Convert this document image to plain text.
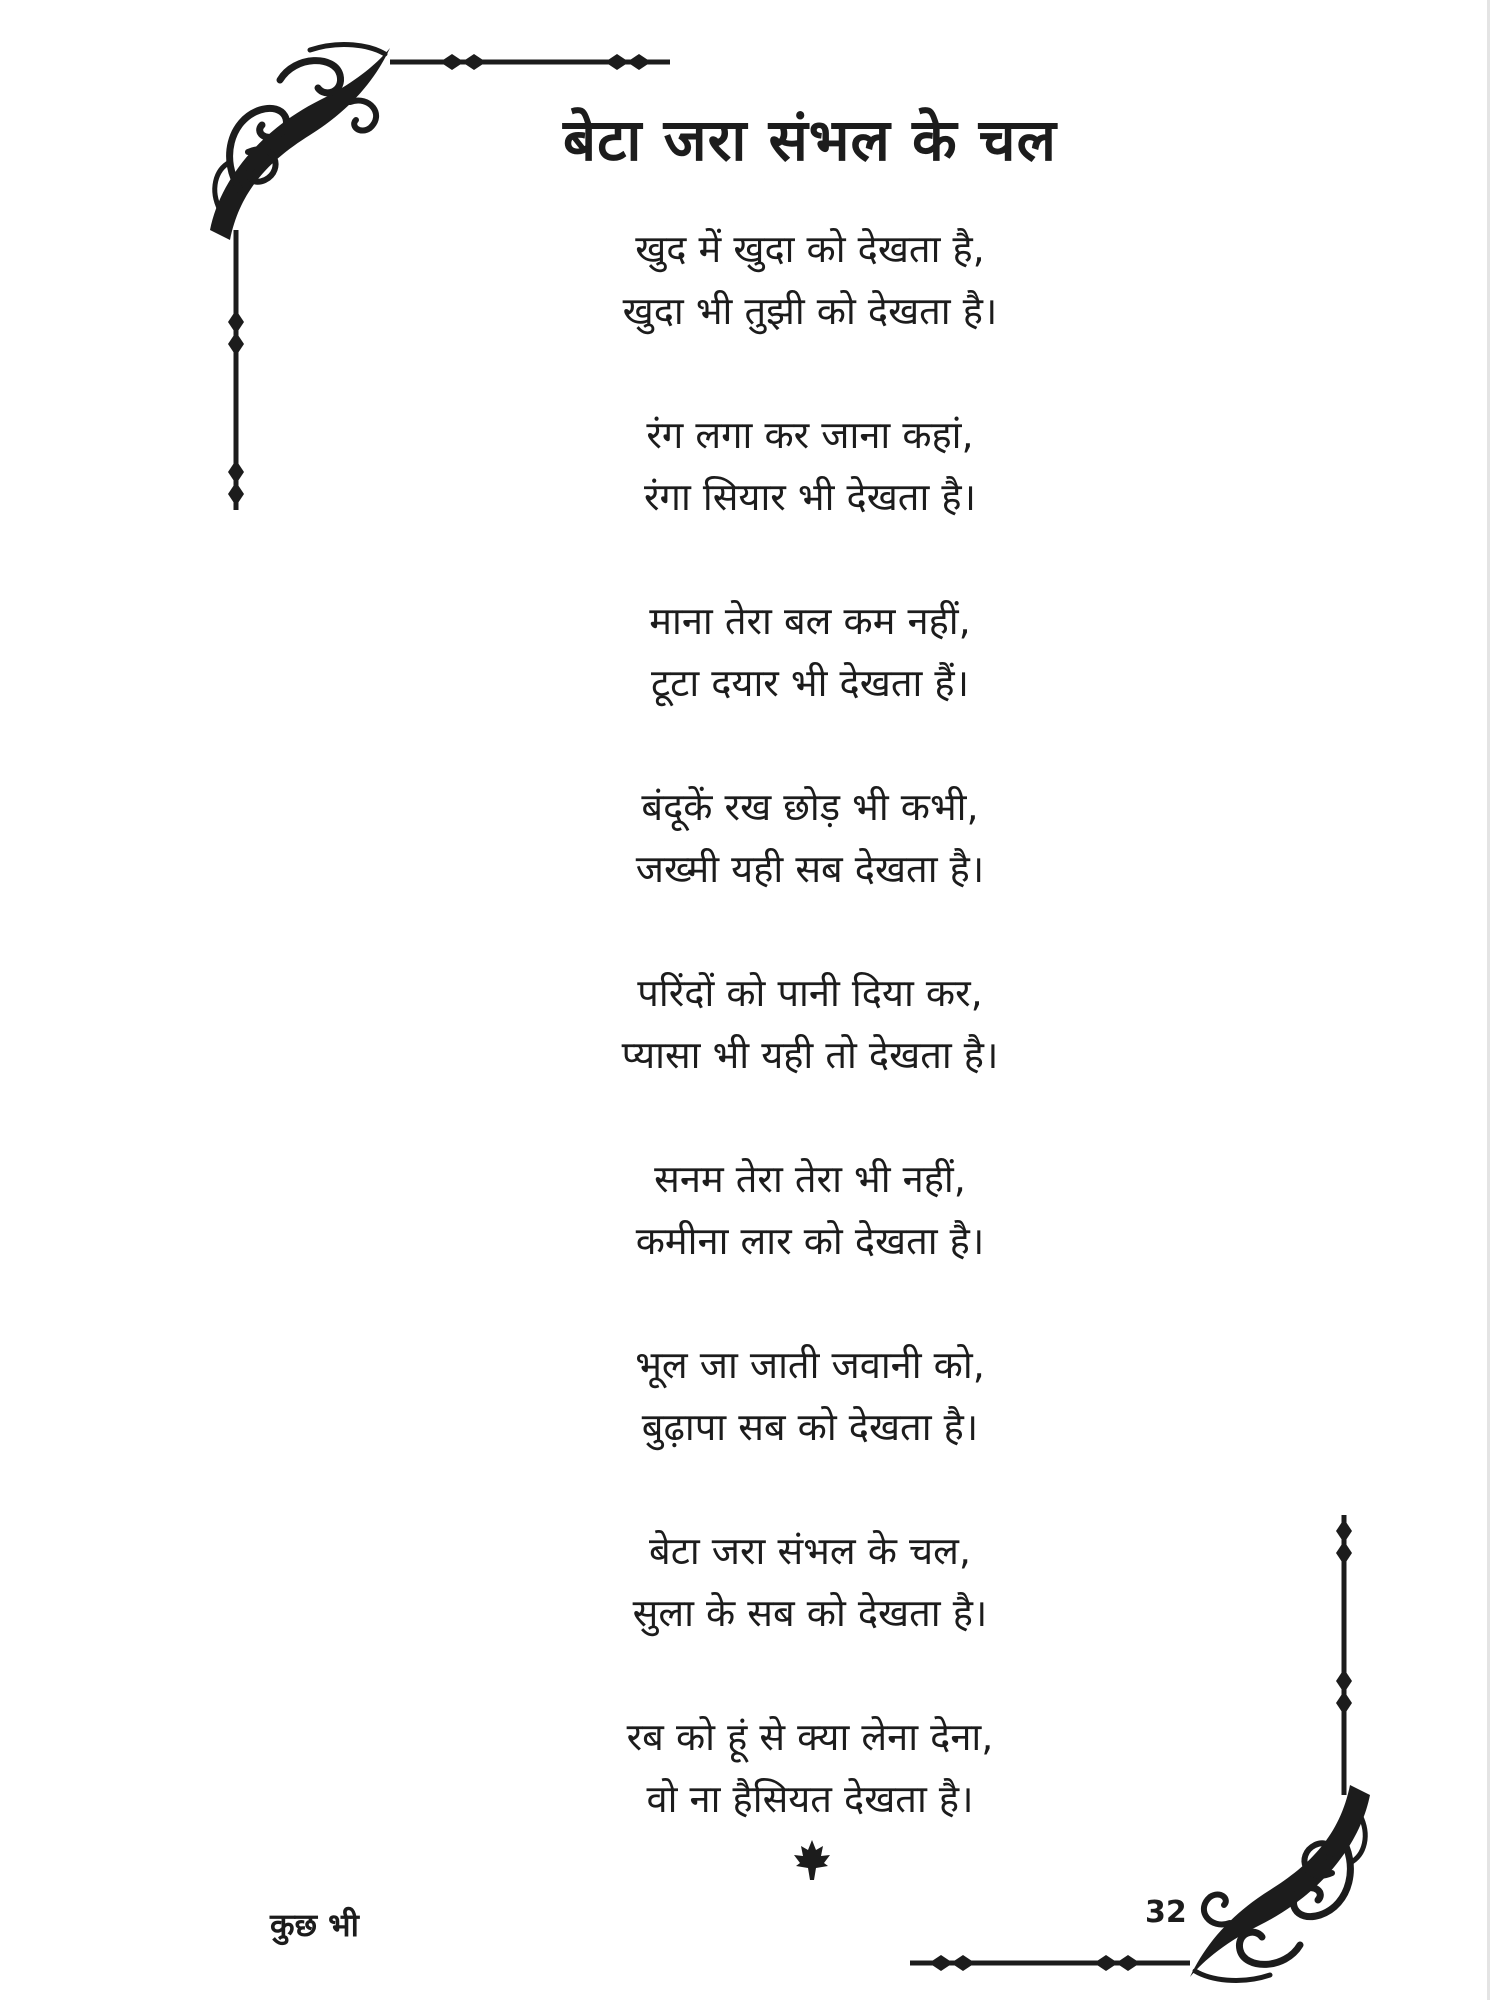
बेटा जरा संभल के चल

खुद में खुदा को देखता है,
खुदा भी तुझी को देखता है।

रंग लगा कर जाना कहां,
रंगा सियार भी देखता है।

माना तेरा बल कम नहीं,
टूटा दयार भी देखता हैं।

बंदूकें रख छोड़ भी कभी,
जख्मी यही सब देखता है।

परिंदों को पानी दिया कर,
प्यासा भी यही तो देखता है।

सनम तेरा तेरा भी नहीं,
कमीना लार को देखता है।

भूल जा जाती जवानी को,
बुढ़ापा सब को देखता है।

बेटा जरा संभल के चल,
सुला के सब को देखता है।

रब को हूं से क्या लेना देना,
वो ना हैसियत देखता है।

कुछ भी	32
